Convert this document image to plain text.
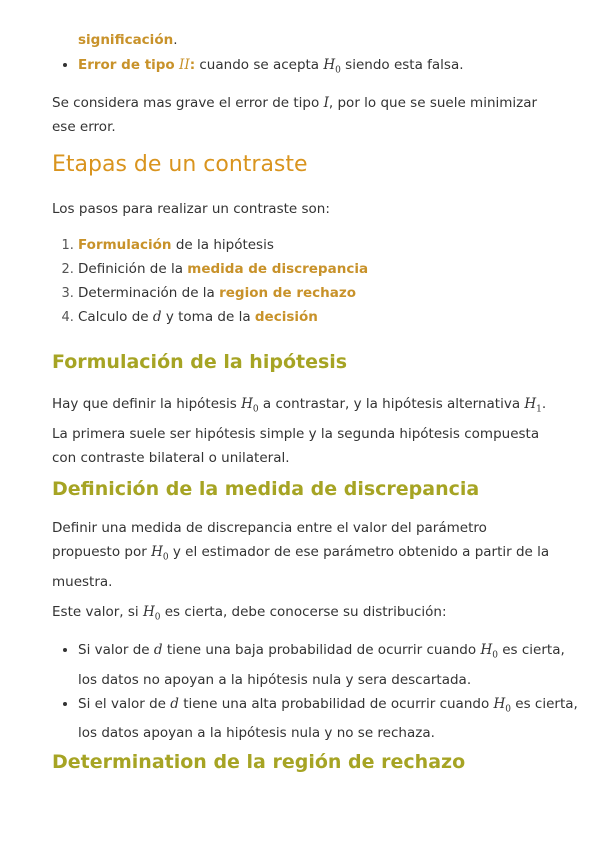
significación.

• Error de tipo II: cuando se acepta $H_0$ siendo esta falsa.

Se considera mas grave el error de tipo I, por lo que se suele minimizar ese error.

Etapas de un contraste

Los pasos para realizar un contraste son:

1. Formulación de la hipótesis
2. Definición de la medida de discrepancia
3. Determinación de la region de rechazo
4. Calculo de d y toma de la decisión
Formulación de la hipótesis

Hay que definir la hipótesis $H_0$ a contrastar, y la hipótesis alternativa $H_1$. La primera suele ser hipótesis simple y la segunda hipótesis compuesta con contraste bilateral o unilateral.

Definición de la medida de discrepancia

Definir una medida de discrepancia entre el valor del parámetro propuesto por $H_0$ y el estimador de ese parámetro obtenido a partir de la muestra.

Este valor, si $H_0$ es cierta, debe conocerse su distribución:

• Si valor de d tiene una baja probabilidad de ocurrir cuando $H_0$ es cierta, los datos no apoyan a la hipótesis nula y sera descartada.
• Si el valor de d tiene una alta probabilidad de ocurrir cuando $H_0$ es cierta, los datos apoyan a la hipótesis nula y no se rechaza.
Determination de la región de rechazo
